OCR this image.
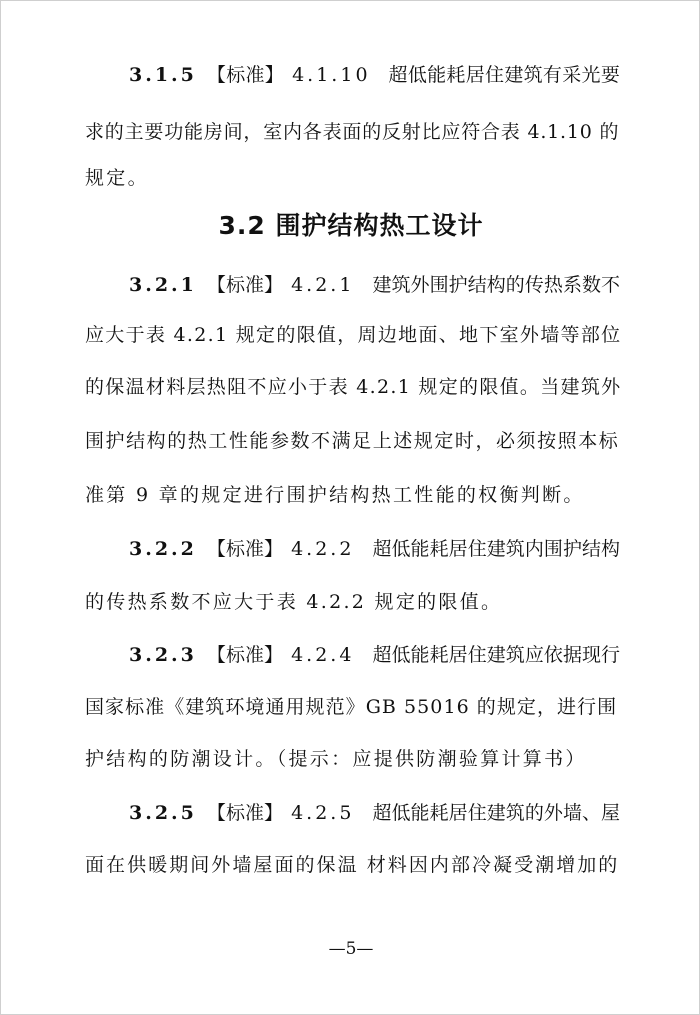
3.1.5 【标准】 4.1.10 超低能耗居住建筑有采光要
求的主要功能房间，室内各表面的反射比应符合表 4.1.10 的
规定。
3.2 围护结构热工设计
3.2.1 【标准】 4.2.1 建筑外围护结构的传热系数不
应大于表 4.2.1 规定的限值，周边地面、地下室外墙等部位
的保温材料层热阻不应小于表 4.2.1 规定的限值。当建筑外
围护结构的热工性能参数不满足上述规定时，必须按照本标
准第 9 章的规定进行围护结构热工性能的权衡判断。
3.2.2 【标准】 4.2.2 超低能耗居住建筑内围护结构
的传热系数不应大于表 4.2.2 规定的限值。
3.2.3 【标准】 4.2.4 超低能耗居住建筑应依据现行
国家标准《建筑环境通用规范》GB 55016 的规定，进行围
护结构的防潮设计。（提示：应提供防潮验算计算书）
3.2.5 【标准】 4.2.5 超低能耗居住建筑的外墙、屋
面在供暖期间外墙屋面的保温 材料因内部冷凝受潮增加的
—5—
